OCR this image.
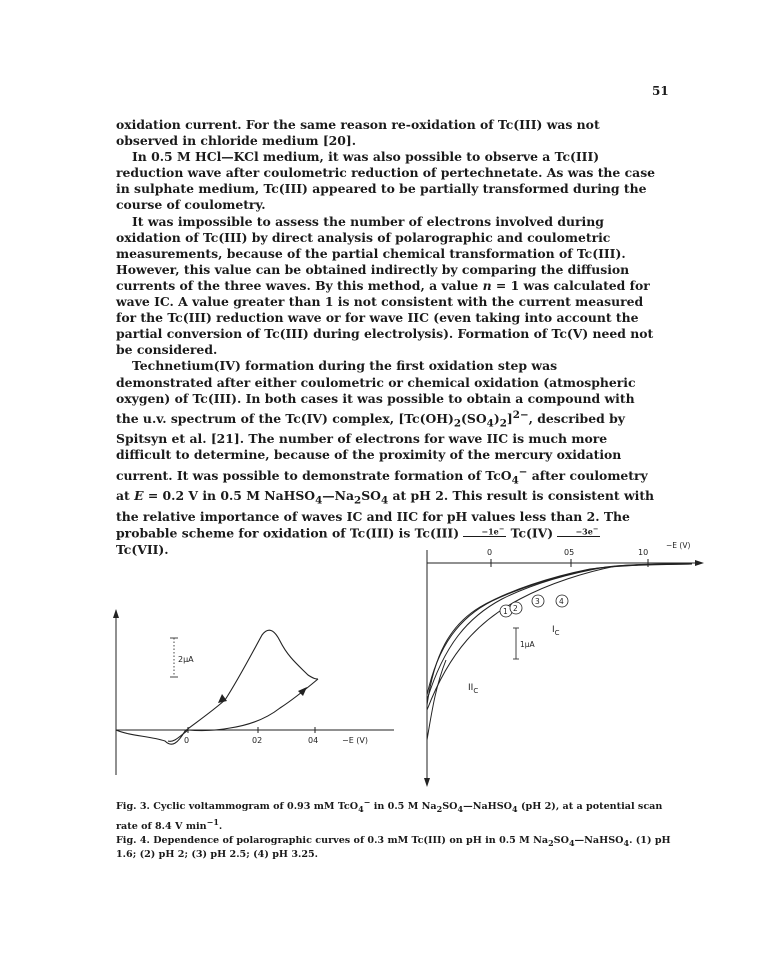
51

oxidation current. For the same reason re-oxidation of Tc(III) was not observed in chloride medium [20].

In 0.5 M HCl—KCl medium, it was also possible to observe a Tc(III) reduction wave after coulometric reduction of pertechnetate. As was the case in sulphate medium, Tc(III) appeared to be partially transformed during the course of coulometry.

It was impossible to assess the number of electrons involved during oxidation of Tc(III) by direct analysis of polarographic and coulometric measurements, because of the partial chemical transformation of Tc(III). However, this value can be obtained indirectly by comparing the diffusion currents of the three waves. By this method, a value n = 1 was calculated for wave IC. A value greater than 1 is not consistent with the current measured for the Tc(III) reduction wave or for wave IIC (even taking into account the partial conversion of Tc(III) during electrolysis). Formation of Tc(V) need not be considered.

Technetium(IV) formation during the first oxidation step was demonstrated after either coulometric or chemical oxidation (atmospheric oxygen) of Tc(III). In both cases it was possible to obtain a compound with the u.v. spectrum of the Tc(IV) complex, $[Tc(OH)_2(SO_4)_2]^{2-}$, described by Spitsyn et al. [21]. The number of electrons for wave IIC is much more difficult to determine, because of the proximity of the mercury oxidation current. It was possible to demonstrate formation of TcO$_4$− after coulometry at E = 0.2 V in 0.5 M $NaHSO_4—Na_2SO_4$ at pH 2. This result is consistent with the relative importance of waves IC and IIC for pH values less than 2. The probable scheme for oxidation of Tc(III) is Tc(III) −1e− Tc(IV) −3e− Tc(VII).

0	02	04	−E (V)
2μA
0	05	10
−E (V)
1 2
3	4
$I_C$
$II_C$
1μA
Fig. 3. Cyclic voltammogram of 0.93 mM TcO$_4$− in 0.5 M $Na_2SO_4—NaHSO_4$ (pH 2), at a potential scan rate of 8.4 V $\min^{-1}$.
Fig. 4. Dependence of polarographic curves of 0.3 mM Tc(III) on pH in 0.5 M $Na_2SO_4—NaHSO_4$. (1) pH 1.6; (2) pH 2; (3) pH 2.5; (4) pH 3.25.
